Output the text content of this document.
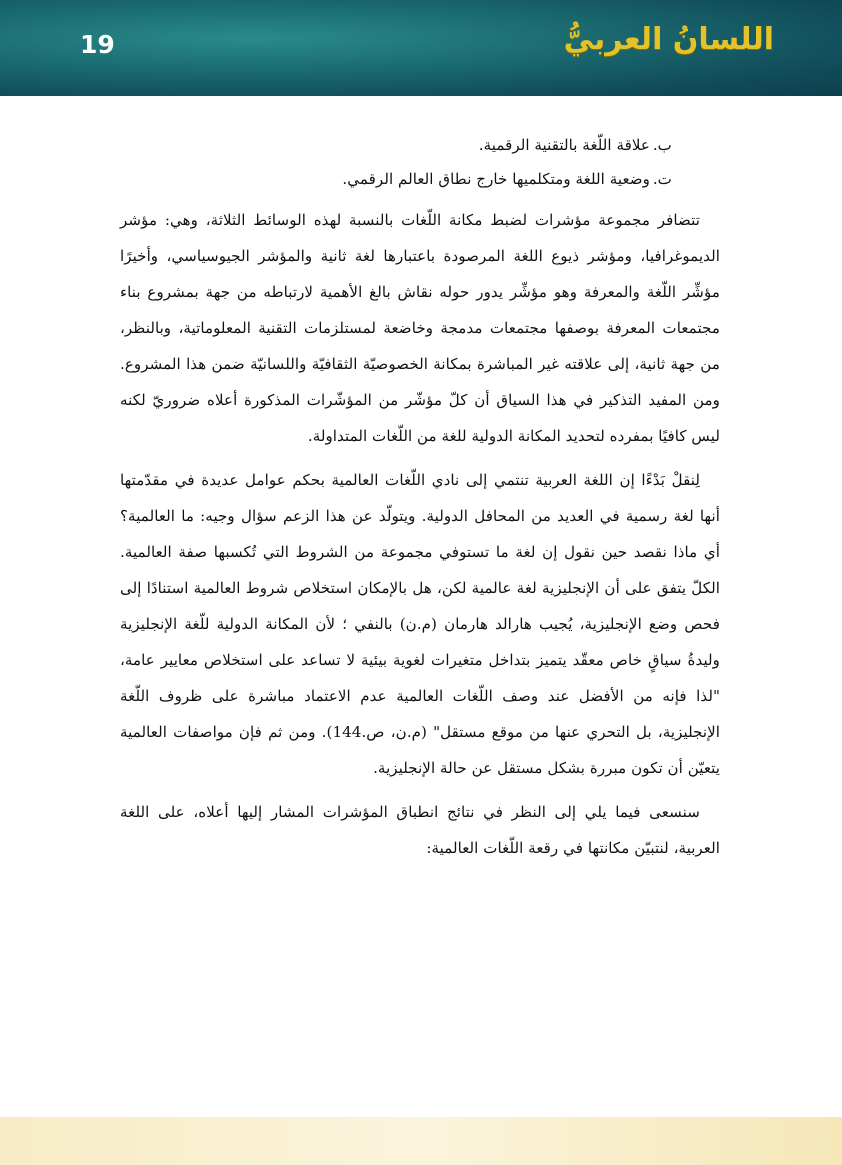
19	اللسانُ العربيُّ
ب.
علاقة اللّغة بالتقنية الرقمية.
ت.
وضعية اللغة ومتكلميها خارج نطاق العالم الرقمي.

تتضافر مجموعة مؤشرات لضبط مكانة اللّغات بالنسبة لهذه الوسائط الثلاثة، وهي: مؤشر الديموغرافيا، ومؤشر ذيوع اللغة المرصودة باعتبارها لغة ثانية والمؤشر الجيوسياسي، وأخيرًا مؤشِّر اللّغة والمعرفة وهو مؤشِّر يدور حوله نقاش بالغ الأهمية لارتباطه من جهة بمشروع بناء مجتمعات المعرفة بوصفها مجتمعات مدمجة وخاضعة لمستلزمات التقنية المعلوماتية، وبالنظر، من جهة ثانية، إلى علاقته غير المباشرة بمكانة الخصوصيّة الثقافيّة واللسانيّة ضمن هذا المشروع. ومن المفيد التذكير في هذا السياق أن كلّ مؤشّر من المؤشّرات المذكورة أعلاه ضروريّ لكنه ليس كافيًا بمفرده لتحديد المكانة الدولية للغة من اللّغات المتداولة.

لِنقلْ بَدْءًا إن اللغة العربية تنتمي إلى نادي اللّغات العالمية بحكم عوامل عديدة في مقدّمتها أنها لغة رسمية في العديد من المحافل الدولية. ويتولّد عن هذا الزعم سؤال وجيه: ما العالمية؟ أي ماذا نقصد حين نقول إن لغة ما تستوفي مجموعة من الشروط التي تُكسبها صفة العالمية. الكلّ يتفق على أن الإنجليزية لغة عالمية لكن، هل بالإمكان استخلاص شروط العالمية استنادًا إلى فحص وضع الإنجليزية، يُجيب هارالد هارمان (م.ن) بالنفي ؛ لأن المكانة الدولية للّغة الإنجليزية وليدةُ سياقٍ خاص معقّد يتميز بتداخل متغيرات لغوية بيئية لا تساعد على استخلاص معايير عامة، "لذا فإنه من الأفضل عند وصف اللّغات العالمية عدم الاعتماد مباشرة على ظروف اللّغة الإنجليزية، بل التحري عنها من موقع مستقل" (م.ن، ص.144). ومن ثم فإن مواصفات العالمية يتعيّن أن تكون مبررة بشكل مستقل عن حالة الإنجليزية.

سنسعى فيما يلي إلى النظر في نتائج انطباق المؤشرات المشار إليها أعلاه، على اللغة العربية، لنتبيّن مكانتها في رقعة اللّغات العالمية:
